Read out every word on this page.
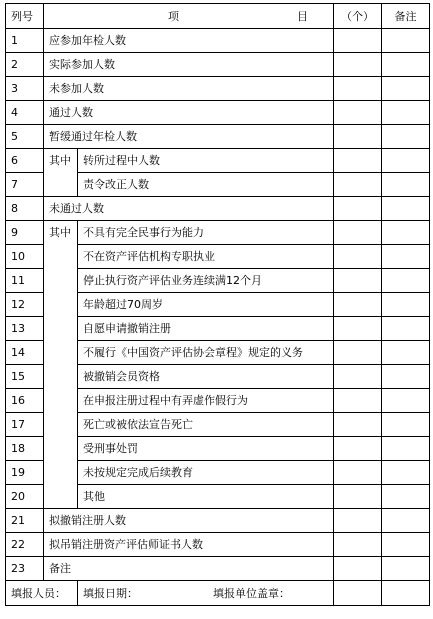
列号	项 目		（个）	备注
1	应参加年检人数			
2	实际参加人数			
3	未参加人数			
4	通过人数			
5	暂缓通过年检人数			
6	其中	转所过程中人数		
7		责令改正人数		
8	未通过人数			
9	其中	不具有完全民事行为能力		
10		不在资产评估机构专职执业		
11		停止执行资产评估业务连续满12个月		
12		年龄超过70周岁		
13		自愿申请撤销注册		
14		不履行《中国资产评估协会章程》规定的义务		
15		被撤销会员资格		
16		在申报注册过程中有弄虚作假行为		
17		死亡或被依法宣告死亡		
18		受刑事处罚		
19		未按规定完成后续教育		
20		其他		
21	拟撤销注册人数			
22	拟吊销注册资产评估师证书人数			
23	备注			
填报人员：		填报日期： 填报单位盖章：		
